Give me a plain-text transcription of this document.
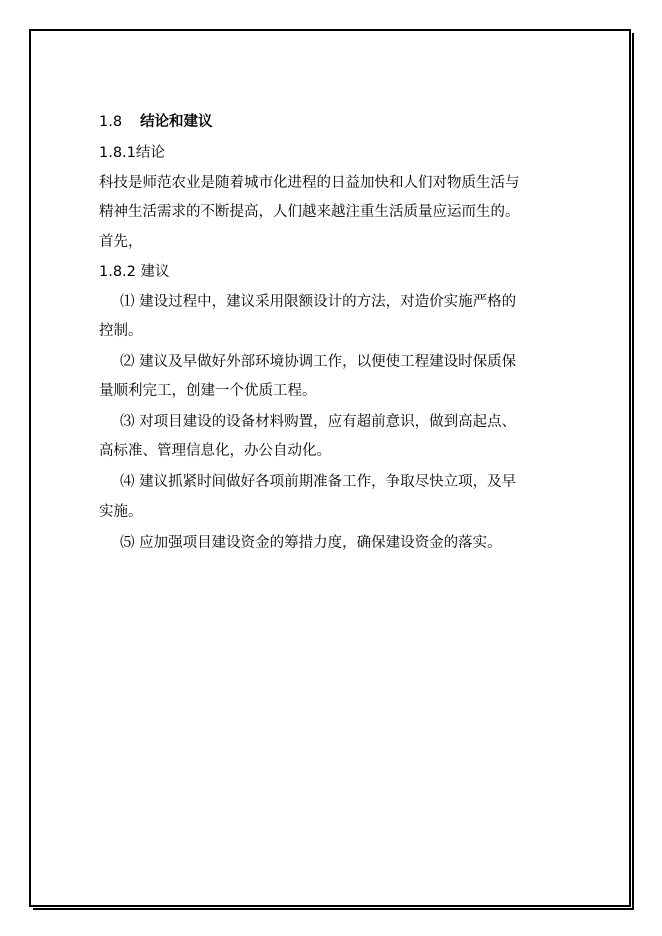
1.8 结论和建议
1.8.1结论
科技是师范农业是随着城市化进程的日益加快和人们对物质生活与
精神生活需求的不断提高，人们越来越注重生活质量应运而生的。
首先，
1.8.2 建议
⑴ 建设过程中，建议采用限额设计的方法，对造价实施严格的
控制。
⑵ 建议及早做好外部环境协调工作，以便使工程建设时保质保
量顺利完工，创建一个优质工程。
⑶ 对项目建设的设备材料购置，应有超前意识，做到高起点、
高标准、管理信息化，办公自动化。
⑷ 建议抓紧时间做好各项前期准备工作，争取尽快立项，及早
实施。
⑸ 应加强项目建设资金的筹措力度，确保建设资金的落实。
